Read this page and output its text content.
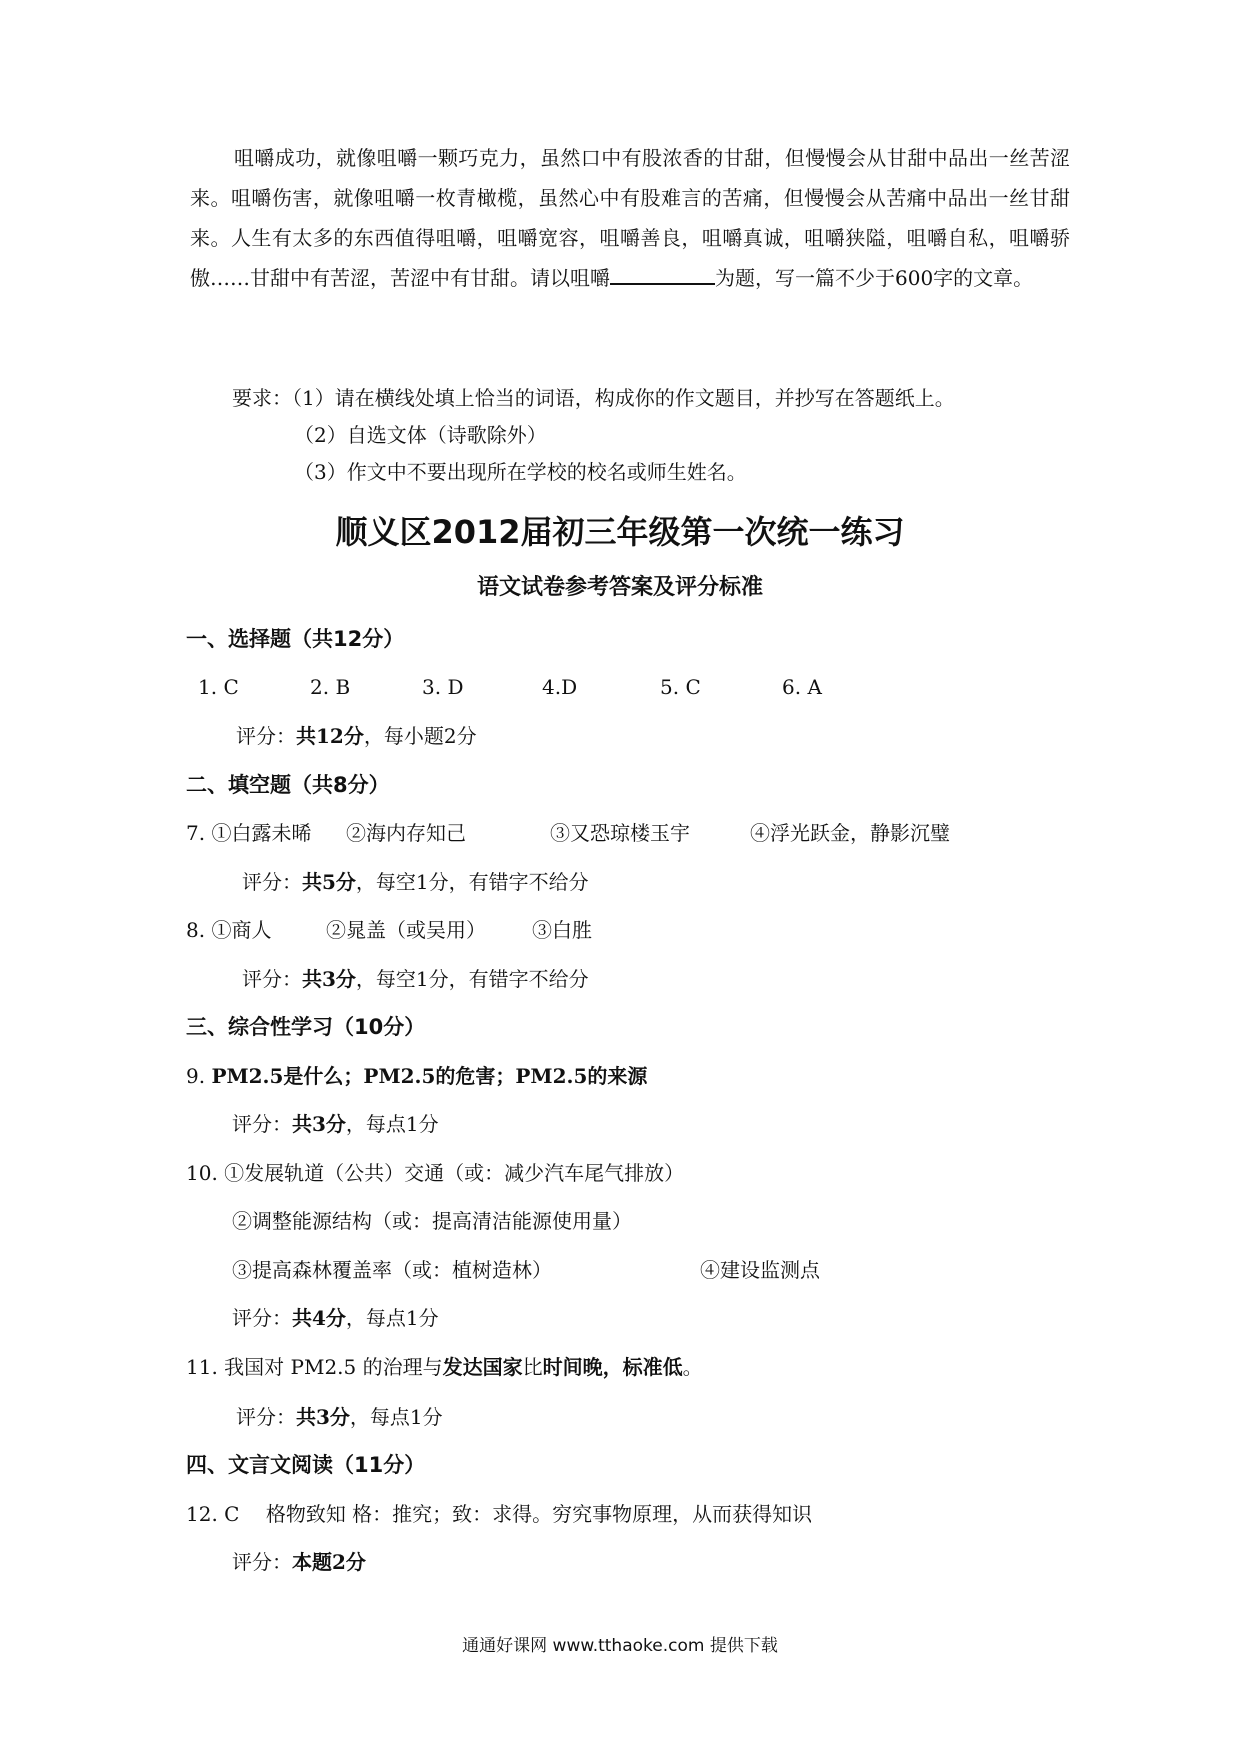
咀嚼成功，就像咀嚼一颗巧克力，虽然口中有股浓香的甘甜，但慢慢会从甘甜中品出一丝苦涩来。咀嚼伤害，就像咀嚼一枚青橄榄，虽然心中有股难言的苦痛，但慢慢会从苦痛中品出一丝甘甜来。人生有太多的东西值得咀嚼，咀嚼宽容，咀嚼善良，咀嚼真诚，咀嚼狭隘，咀嚼自私，咀嚼骄傲……甘甜中有苦涩，苦涩中有甘甜。请以咀嚼	为题，写一篇不少于600字的文章。
要求：（1）请在横线处填上恰当的词语，构成你的作文题目，并抄写在答题纸上。
（2）自选文体（诗歌除外）
（3）作文中不要出现所在学校的校名或师生姓名。
顺义区2012届初三年级第一次统一练习
语文试卷参考答案及评分标准
一、选择题（共12分）
1. C	2. B	3. D	4.D	5. C	6. A
评分：共12分，每小题2分
二、填空题（共8分）
7. ①白露未晞 ②海内存知己	③又恐琼楼玉宇	④浮光跃金，静影沉璧
评分：共5分，每空1分，有错字不给分
8. ①商人	②晁盖（或吴用） ③白胜
评分：共3分，每空1分，有错字不给分
三、综合性学习（10分）
9. PM2.5是什么；PM2.5的危害；PM2.5的来源
评分：共3分，每点1分
10. ①发展轨道（公共）交通（或：减少汽车尾气排放）
②调整能源结构（或：提高清洁能源使用量）
③提高森林覆盖率（或：植树造林）	④建设监测点
评分：共4分，每点1分
11. 我国对 PM2.5 的治理与发达国家比时间晚，标准低。
评分：共3分，每点1分
四、文言文阅读（11分）
12. C　 格物致知 格：推究；致：求得。穷究事物原理，从而获得知识
评分：本题2分
通通好课网 www.tthaoke.com 提供下载
